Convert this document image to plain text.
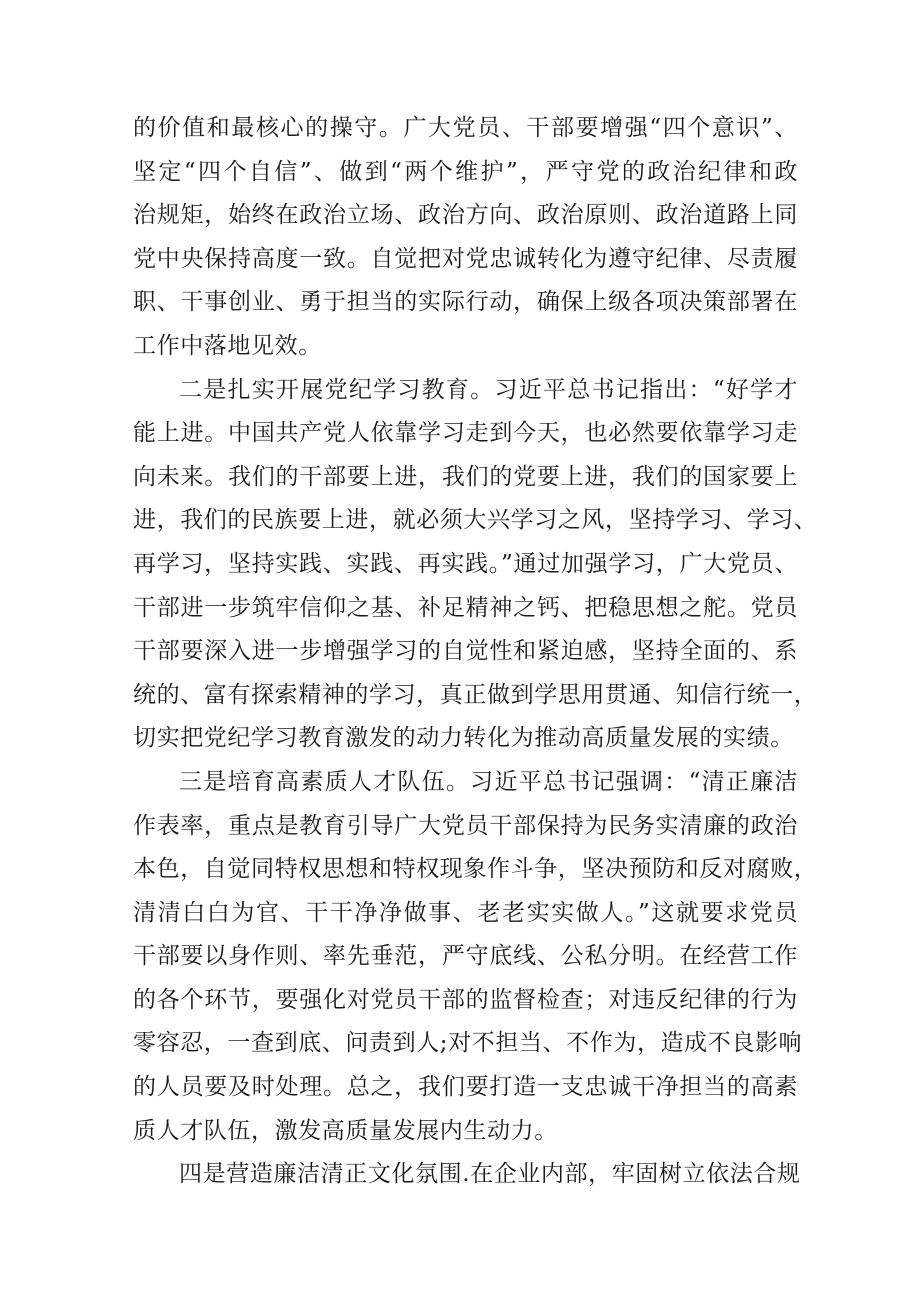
的价值和最核心的操守。广大党员、干部要增强“四个意识”、
坚定“四个自信”、做到“两个维护”，严守党的政治纪律和政
治规矩，始终在政治立场、政治方向、政治原则、政治道路上同
党中央保持高度一致。自觉把对党忠诚转化为遵守纪律、尽责履
职、干事创业、勇于担当的实际行动，确保上级各项决策部署在
工作中落地见效。
二是扎实开展党纪学习教育。习近平总书记指出：“好学才
能上进。中国共产党人依靠学习走到今天，也必然要依靠学习走
向未来。我们的干部要上进，我们的党要上进，我们的国家要上
进，我们的民族要上进，就必须大兴学习之风，坚持学习、学习、
再学习，坚持实践、实践、再实践。”通过加强学习，广大党员、
干部进一步筑牢信仰之基、补足精神之钙、把稳思想之舵。党员
干部要深入进一步增强学习的自觉性和紧迫感，坚持全面的、系
统的、富有探索精神的学习，真正做到学思用贯通、知信行统一，
切实把党纪学习教育激发的动力转化为推动高质量发展的实绩。
三是培育高素质人才队伍。习近平总书记强调：“清正廉洁
作表率，重点是教育引导广大党员干部保持为民务实清廉的政治
本色，自觉同特权思想和特权现象作斗争，坚决预防和反对腐败，
清清白白为官、干干净净做事、老老实实做人。”这就要求党员
干部要以身作则、率先垂范，严守底线、公私分明。在经营工作
的各个环节，要强化对党员干部的监督检查；对违反纪律的行为
零容忍，一查到底、问责到人;对不担当、不作为，造成不良影响
的人员要及时处理。总之，我们要打造一支忠诚干净担当的高素
质人才队伍，激发高质量发展内生动力。
四是营造廉洁清正文化氛围.在企业内部，牢固树立依法合规
